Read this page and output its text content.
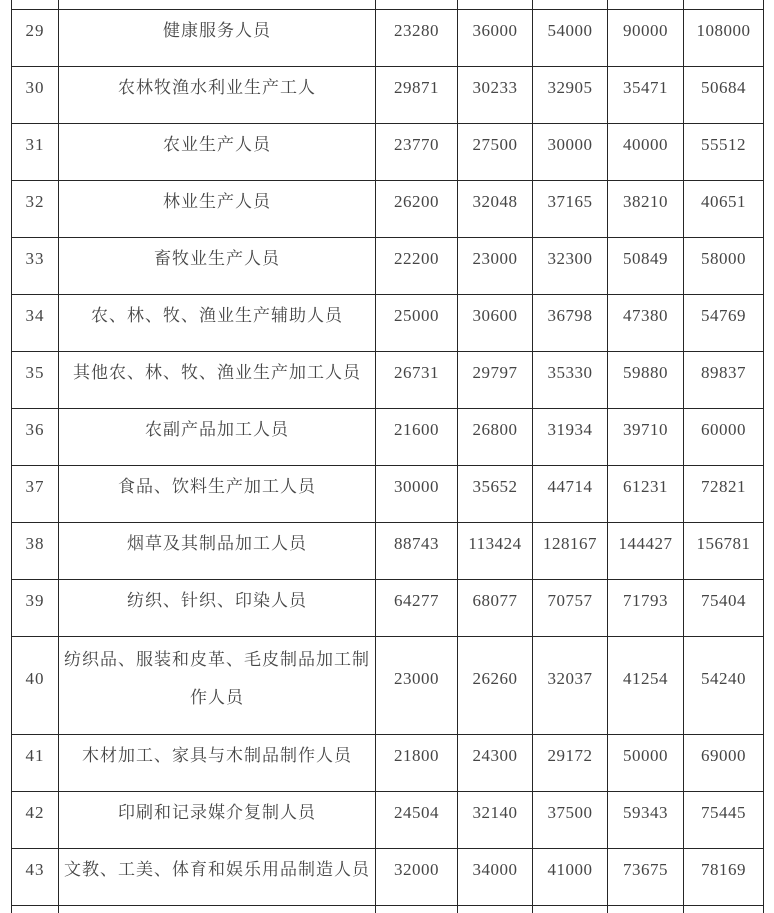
29	健康服务人员	23280	36000	54000	90000	108000
30	农林牧渔水利业生产工人	29871	30233	32905	35471	50684
31	农业生产人员	23770	27500	30000	40000	55512
32	林业生产人员	26200	32048	37165	38210	40651
33	畜牧业生产人员	22200	23000	32300	50849	58000
34	农、林、牧、渔业生产辅助人员	25000	30600	36798	47380	54769
35	其他农、林、牧、渔业生产加工人员	26731	29797	35330	59880	89837
36	农副产品加工人员	21600	26800	31934	39710	60000
37	食品、饮料生产加工人员	30000	35652	44714	61231	72821
38	烟草及其制品加工人员	88743	113424	128167	144427	156781
39	纺织、针织、印染人员	64277	68077	70757	71793	75404
40	纺织品、服装和皮革、毛皮制品加工制作人员	23000	26260	32037	41254	54240
41	木材加工、家具与木制品制作人员	21800	24300	29172	50000	69000
42	印刷和记录媒介复制人员	24504	32140	37500	59343	75445
43	文教、工美、体育和娱乐用品制造人员	32000	34000	41000	73675	78169
